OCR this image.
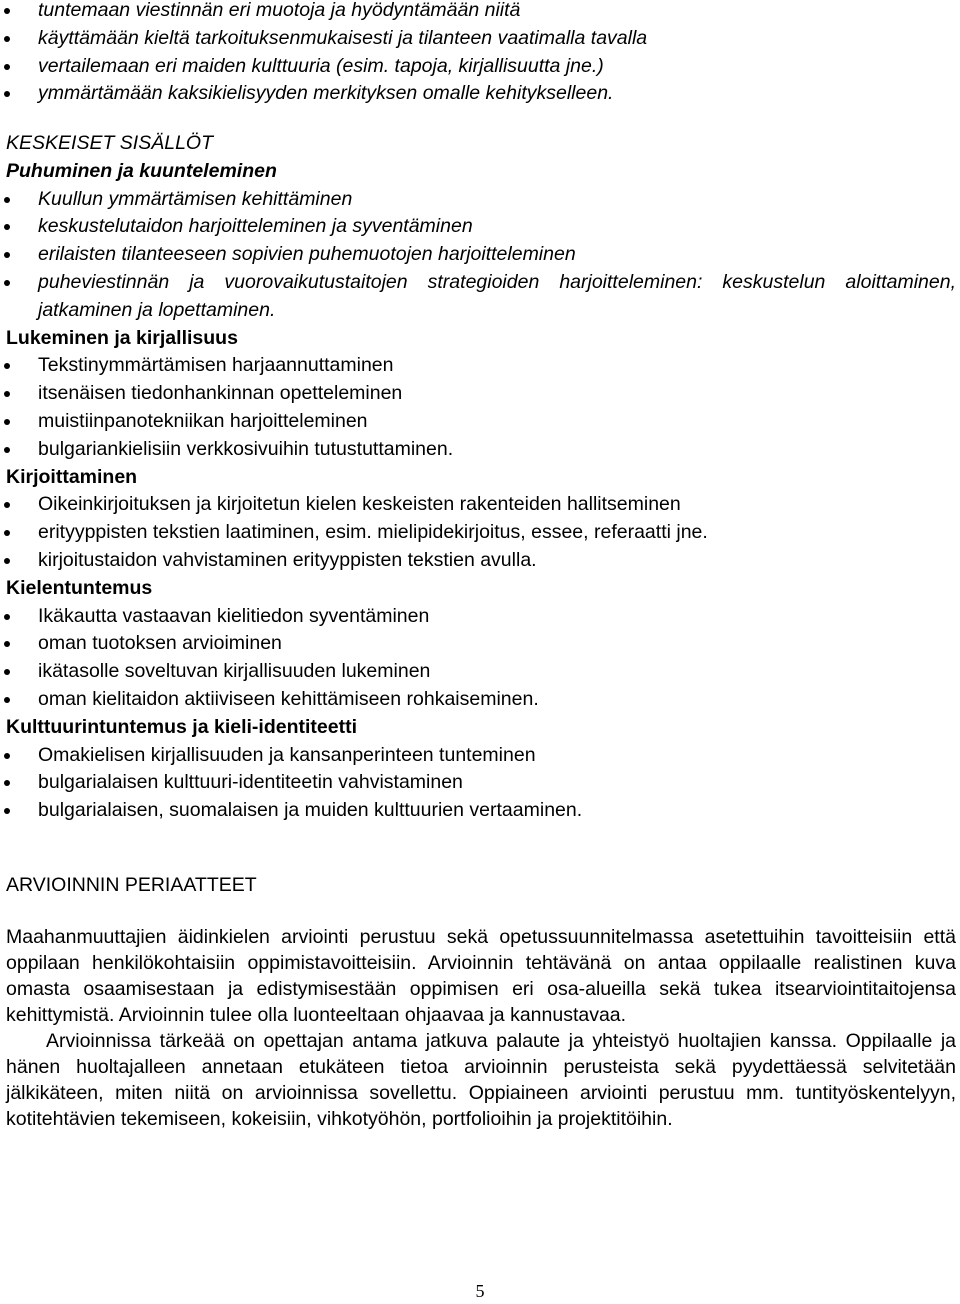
tuntemaan viestinnän eri muotoja ja hyödyntämään niitä
käyttämään kieltä tarkoituksenmukaisesti ja tilanteen vaatimalla tavalla
vertailemaan eri maiden kulttuuria (esim. tapoja, kirjallisuutta jne.)
ymmärtämään kaksikielisyyden merkityksen omalle kehitykselleen.

KESKEISET SISÄLLÖT

Puhuminen ja kuunteleminen

Kuullun ymmärtämisen kehittäminen
keskustelutaidon harjoitteleminen ja syventäminen
erilaisten tilanteeseen sopivien puhemuotojen harjoitteleminen
puheviestinnän ja vuorovaikutustaitojen strategioiden harjoitteleminen: keskustelun aloittaminen, jatkaminen ja lopettaminen.

Lukeminen ja kirjallisuus

Tekstinymmärtämisen harjaannuttaminen
itsenäisen tiedonhankinnan opetteleminen
muistiinpanotekniikan harjoitteleminen
bulgariankielisiin verkkosivuihin tutustuttaminen.

Kirjoittaminen

Oikeinkirjoituksen ja kirjoitetun kielen keskeisten rakenteiden hallitseminen
erityyppisten tekstien laatiminen, esim. mielipidekirjoitus, essee, referaatti jne.
kirjoitustaidon vahvistaminen erityyppisten tekstien avulla.

Kielentuntemus

Ikäkautta vastaavan kielitiedon syventäminen
oman tuotoksen arvioiminen
ikätasolle soveltuvan kirjallisuuden lukeminen
oman kielitaidon aktiiviseen kehittämiseen rohkaiseminen.

Kulttuurintuntemus ja kieli-identiteetti

Omakielisen kirjallisuuden ja kansanperinteen tunteminen
bulgarialaisen kulttuuri-identiteetin vahvistaminen
bulgarialaisen, suomalaisen ja muiden kulttuurien vertaaminen.

ARVIOINNIN PERIAATTEET

Maahanmuuttajien äidinkielen arviointi perustuu sekä opetussuunnitelmassa asetettuihin tavoitteisiin että oppilaan henkilökohtaisiin oppimistavoitteisiin. Arvioinnin tehtävänä on antaa oppilaalle realistinen kuva omasta osaamisestaan ja edistymisestään oppimisen eri osa-alueilla sekä tukea itsearviointitaitojensa kehittymistä. Arvioinnin tulee olla luonteeltaan ohjaavaa ja kannustavaa.

Arvioinnissa tärkeää on opettajan antama jatkuva palaute ja yhteistyö huoltajien kanssa. Oppilaalle ja hänen huoltajalleen annetaan etukäteen tietoa arvioinnin perusteista sekä pyydettäessä selvitetään jälkikäteen, miten niitä on arvioinnissa sovellettu. Oppiaineen arviointi perustuu mm. tuntityöskentelyyn, kotitehtävien tekemiseen, kokeisiin, vihkotyöhön, portfolioihin ja projektitöihin.

5
